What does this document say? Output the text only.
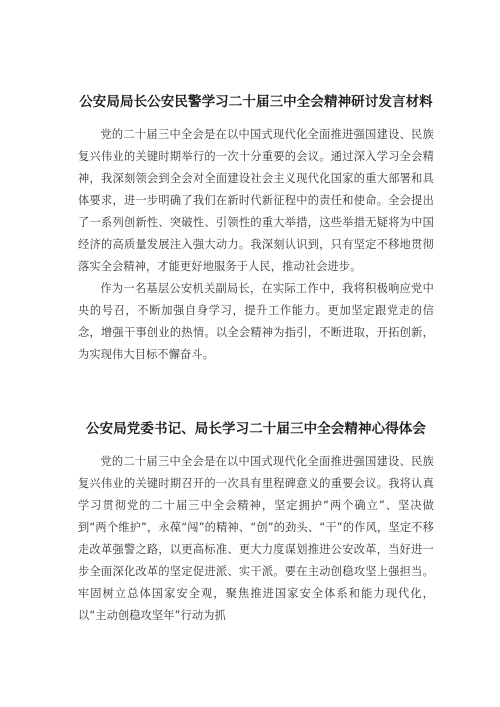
公安局局长公安民警学习二十届三中全会精神研讨发言材料

党的二十届三中全会是在以中国式现代化全面推进强国建设、民族复兴伟业的关键时期举行的一次十分重要的会议。通过深入学习全会精神，我深刻领会到全会对全面建设社会主义现代化国家的重大部署和具体要求，进一步明确了我们在新时代新征程中的责任和使命。全会提出了一系列创新性、突破性、引领性的重大举措，这些举措无疑将为中国经济的高质量发展注入强大动力。我深刻认识到，只有坚定不移地贯彻落实全会精神，才能更好地服务于人民，推动社会进步。

作为一名基层公安机关副局长，在实际工作中，我将积极响应党中央的号召，不断加强自身学习，提升工作能力。更加坚定跟党走的信念，增强干事创业的热情。以全会精神为指引，不断进取，开拓创新，为实现伟大目标不懈奋斗。

公安局党委书记、局长学习二十届三中全会精神心得体会

党的二十届三中全会是在以中国式现代化全面推进强国建设、民族复兴伟业的关键时期召开的一次具有里程碑意义的重要会议。我将认真学习贯彻党的二十届三中全会精神，坚定拥护“两个确立”、坚决做到“两个维护”，永葆“闯”的精神、“创”的劲头、“干”的作风，坚定不移走改革强警之路，以更高标准、更大力度谋划推进公安改革，当好进一步全面深化改革的坚定促进派、实干派。要在主动创稳攻坚上强担当。牢固树立总体国家安全观，聚焦推进国家安全体系和能力现代化，以“主动创稳攻坚年”行动为抓
